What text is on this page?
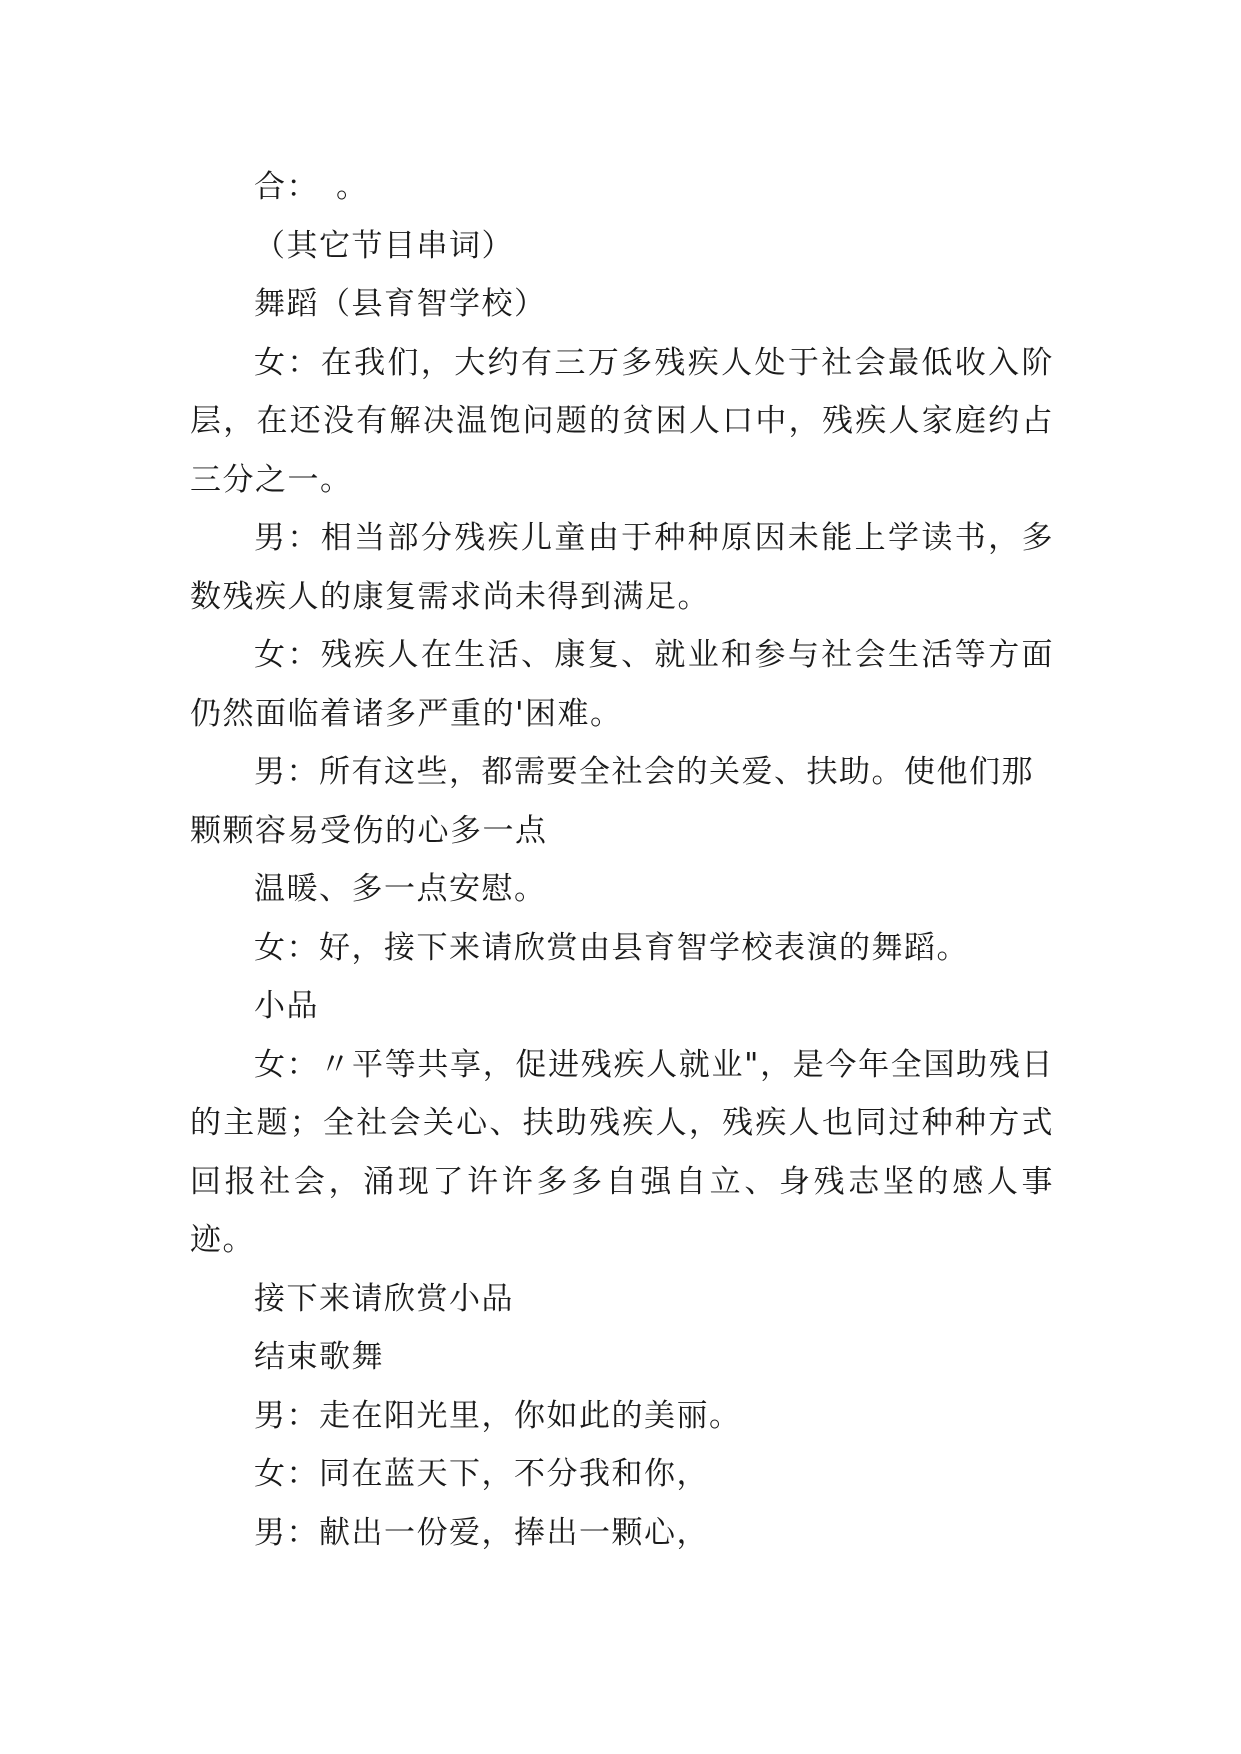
合：　。

（其它节目串词）

舞蹈（县育智学校）

女：在我们，大约有三万多残疾人处于社会最低收入阶层，在还没有解决温饱问题的贫困人口中，残疾人家庭约占三分之一。

男：相当部分残疾儿童由于种种原因未能上学读书，多数残疾人的康复需求尚未得到满足。

女：残疾人在生活、康复、就业和参与社会生活等方面仍然面临着诸多严重的'困难。

男：所有这些，都需要全社会的关爱、扶助。使他们那颗颗容易受伤的心多一点

温暖、多一点安慰。

女：好，接下来请欣赏由县育智学校表演的舞蹈。

小品

女：〃平等共享，促进残疾人就业"，是今年全国助残日的主题；全社会关心、扶助残疾人，残疾人也同过种种方式回报社会，涌现了许许多多自强自立、身残志坚的感人事迹。

接下来请欣赏小品

结束歌舞

男：走在阳光里，你如此的美丽。

女：同在蓝天下，不分我和你，

男：献出一份爱，捧出一颗心，
